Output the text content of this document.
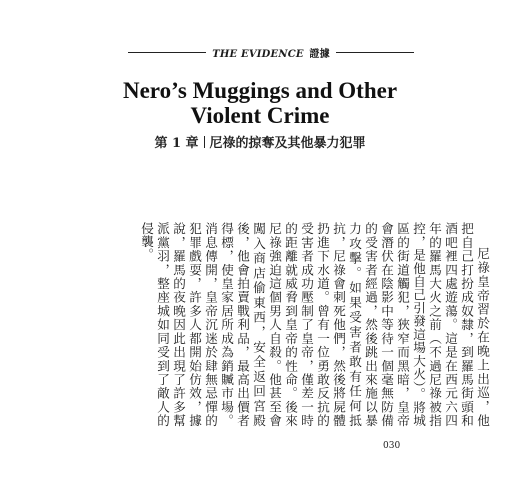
THE EVIDENCE 證據
Nero’s Muggings and Other
Violent Crime
第 1 章 尼祿的掠奪及其他暴力犯罪

尼祿皇帝習於在晚上出巡，他把自己打扮成奴隸，到羅馬街頭和酒吧裡四處遊蕩。這是在西元六四年的羅馬大火之前（不過尼祿被指控，是他自己引發這場大火）。將城區的街道觸犯，狹窄而黑暗，皇帝會潛伏在陰影中等待一個毫無防備的受害者經過，然後跳出來施以暴力攻擊。如果受害者敢有任何抵抗，尼祿會刺死他們，然後將屍體扔進下水道。曾有一位勇敢反抗的受害者成功壓制了皇帝，僅差一時的距離就威脅到皇帝的性命。後來尼祿強迫這個男人自殺。他甚至會闖入商店偷東西，安全返回宮殿後，他會拍賣戰利品，最高出價者得標，使皇家居所成為銷贓市場。消息傳開，皇帝沉迷於肆無忌憚的犯罪戲耍，許多人都開始仿效，據說，羅馬的夜晚因此出現了許多幫派黨羽，整座城如同受到了敵人的侵襲。

030
